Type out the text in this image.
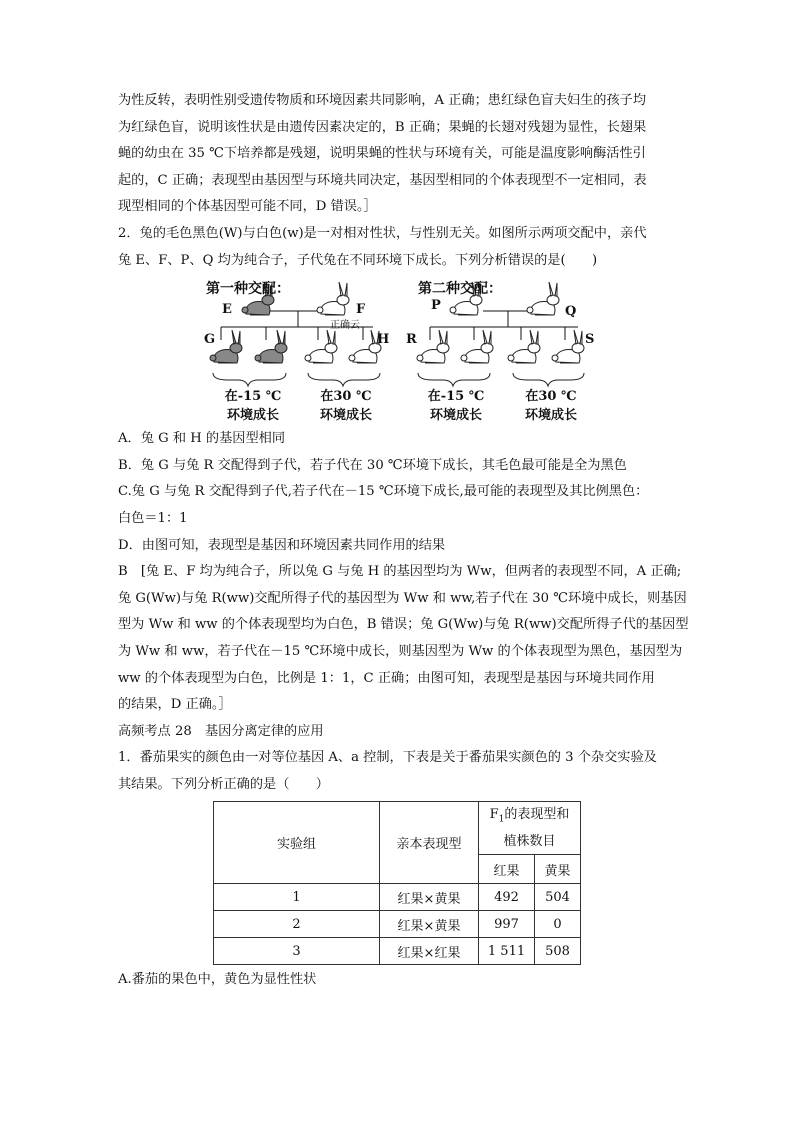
为性反转，表明性别受遗传物质和环境因素共同影响，A 正确；患红绿色盲夫妇生的孩子均
为红绿色盲，说明该性状是由遗传因素决定的，B 正确；果蝇的长翅对残翅为显性，长翅果
蝇的幼虫在 35 ℃下培养都是残翅，说明果蝇的性状与环境有关，可能是温度影响酶活性引
起的，C 正确；表现型由基因型与环境共同决定，基因型相同的个体表现型不一定相同，表
现型相同的个体基因型可能不同，D 错误。］
2．兔的毛色黑色(W)与白色(w)是一对相对性状，与性别无关。如图所示两项交配中，亲代
兔 E、F、P、Q 均为纯合子，子代兔在不同环境下成长。下列分析错误的是(　　)
第一种交配：	第二种交配：
E	F
正确云
G	H
P	Q
R	S
在-15 ℃
环境成长
在30 ℃
环境成长
在-15 ℃
环境成长
在30 ℃
环境成长
A．兔 G 和 H 的基因型相同
B．兔 G 与兔 R 交配得到子代，若子代在 30 ℃环境下成长，其毛色最可能是全为黑色
C.兔 G 与兔 R 交配得到子代,若子代在－15 ℃环境下成长,最可能的表现型及其比例黑色：
白色＝1：1
D．由图可知，表现型是基因和环境因素共同作用的结果
B　[兔 E、F 均为纯合子，所以兔 G 与兔 H 的基因型均为 Ww，但两者的表现型不同，A 正确;
兔 G(Ww)与兔 R(ww)交配所得子代的基因型为 Ww 和 ww,若子代在 30 ℃环境中成长，则基因
型为 Ww 和 ww 的个体表现型均为白色，B 错误；兔 G(Ww)与兔 R(ww)交配所得子代的基因型
为 Ww 和 ww，若子代在－15 ℃环境中成长，则基因型为 Ww 的个体表现型为黑色，基因型为
ww 的个体表现型为白色，比例是 1：1，C 正确；由图可知，表现型是基因与环境共同作用
的结果，D 正确。］
高频考点 28　基因分离定律的应用
1．番茄果实的颜色由一对等位基因 A、a 控制，下表是关于番茄果实颜色的 3 个杂交实验及
其结果。下列分析正确的是（　　）
实验组	亲本表现型	$F_1$的表现型和
植株数目	
		红果	黄果
1	红果×黄果	492	504
2	红果×黄果	997	0
3	红果×红果	1 511	508
A.番茄的果色中，黄色为显性性状
